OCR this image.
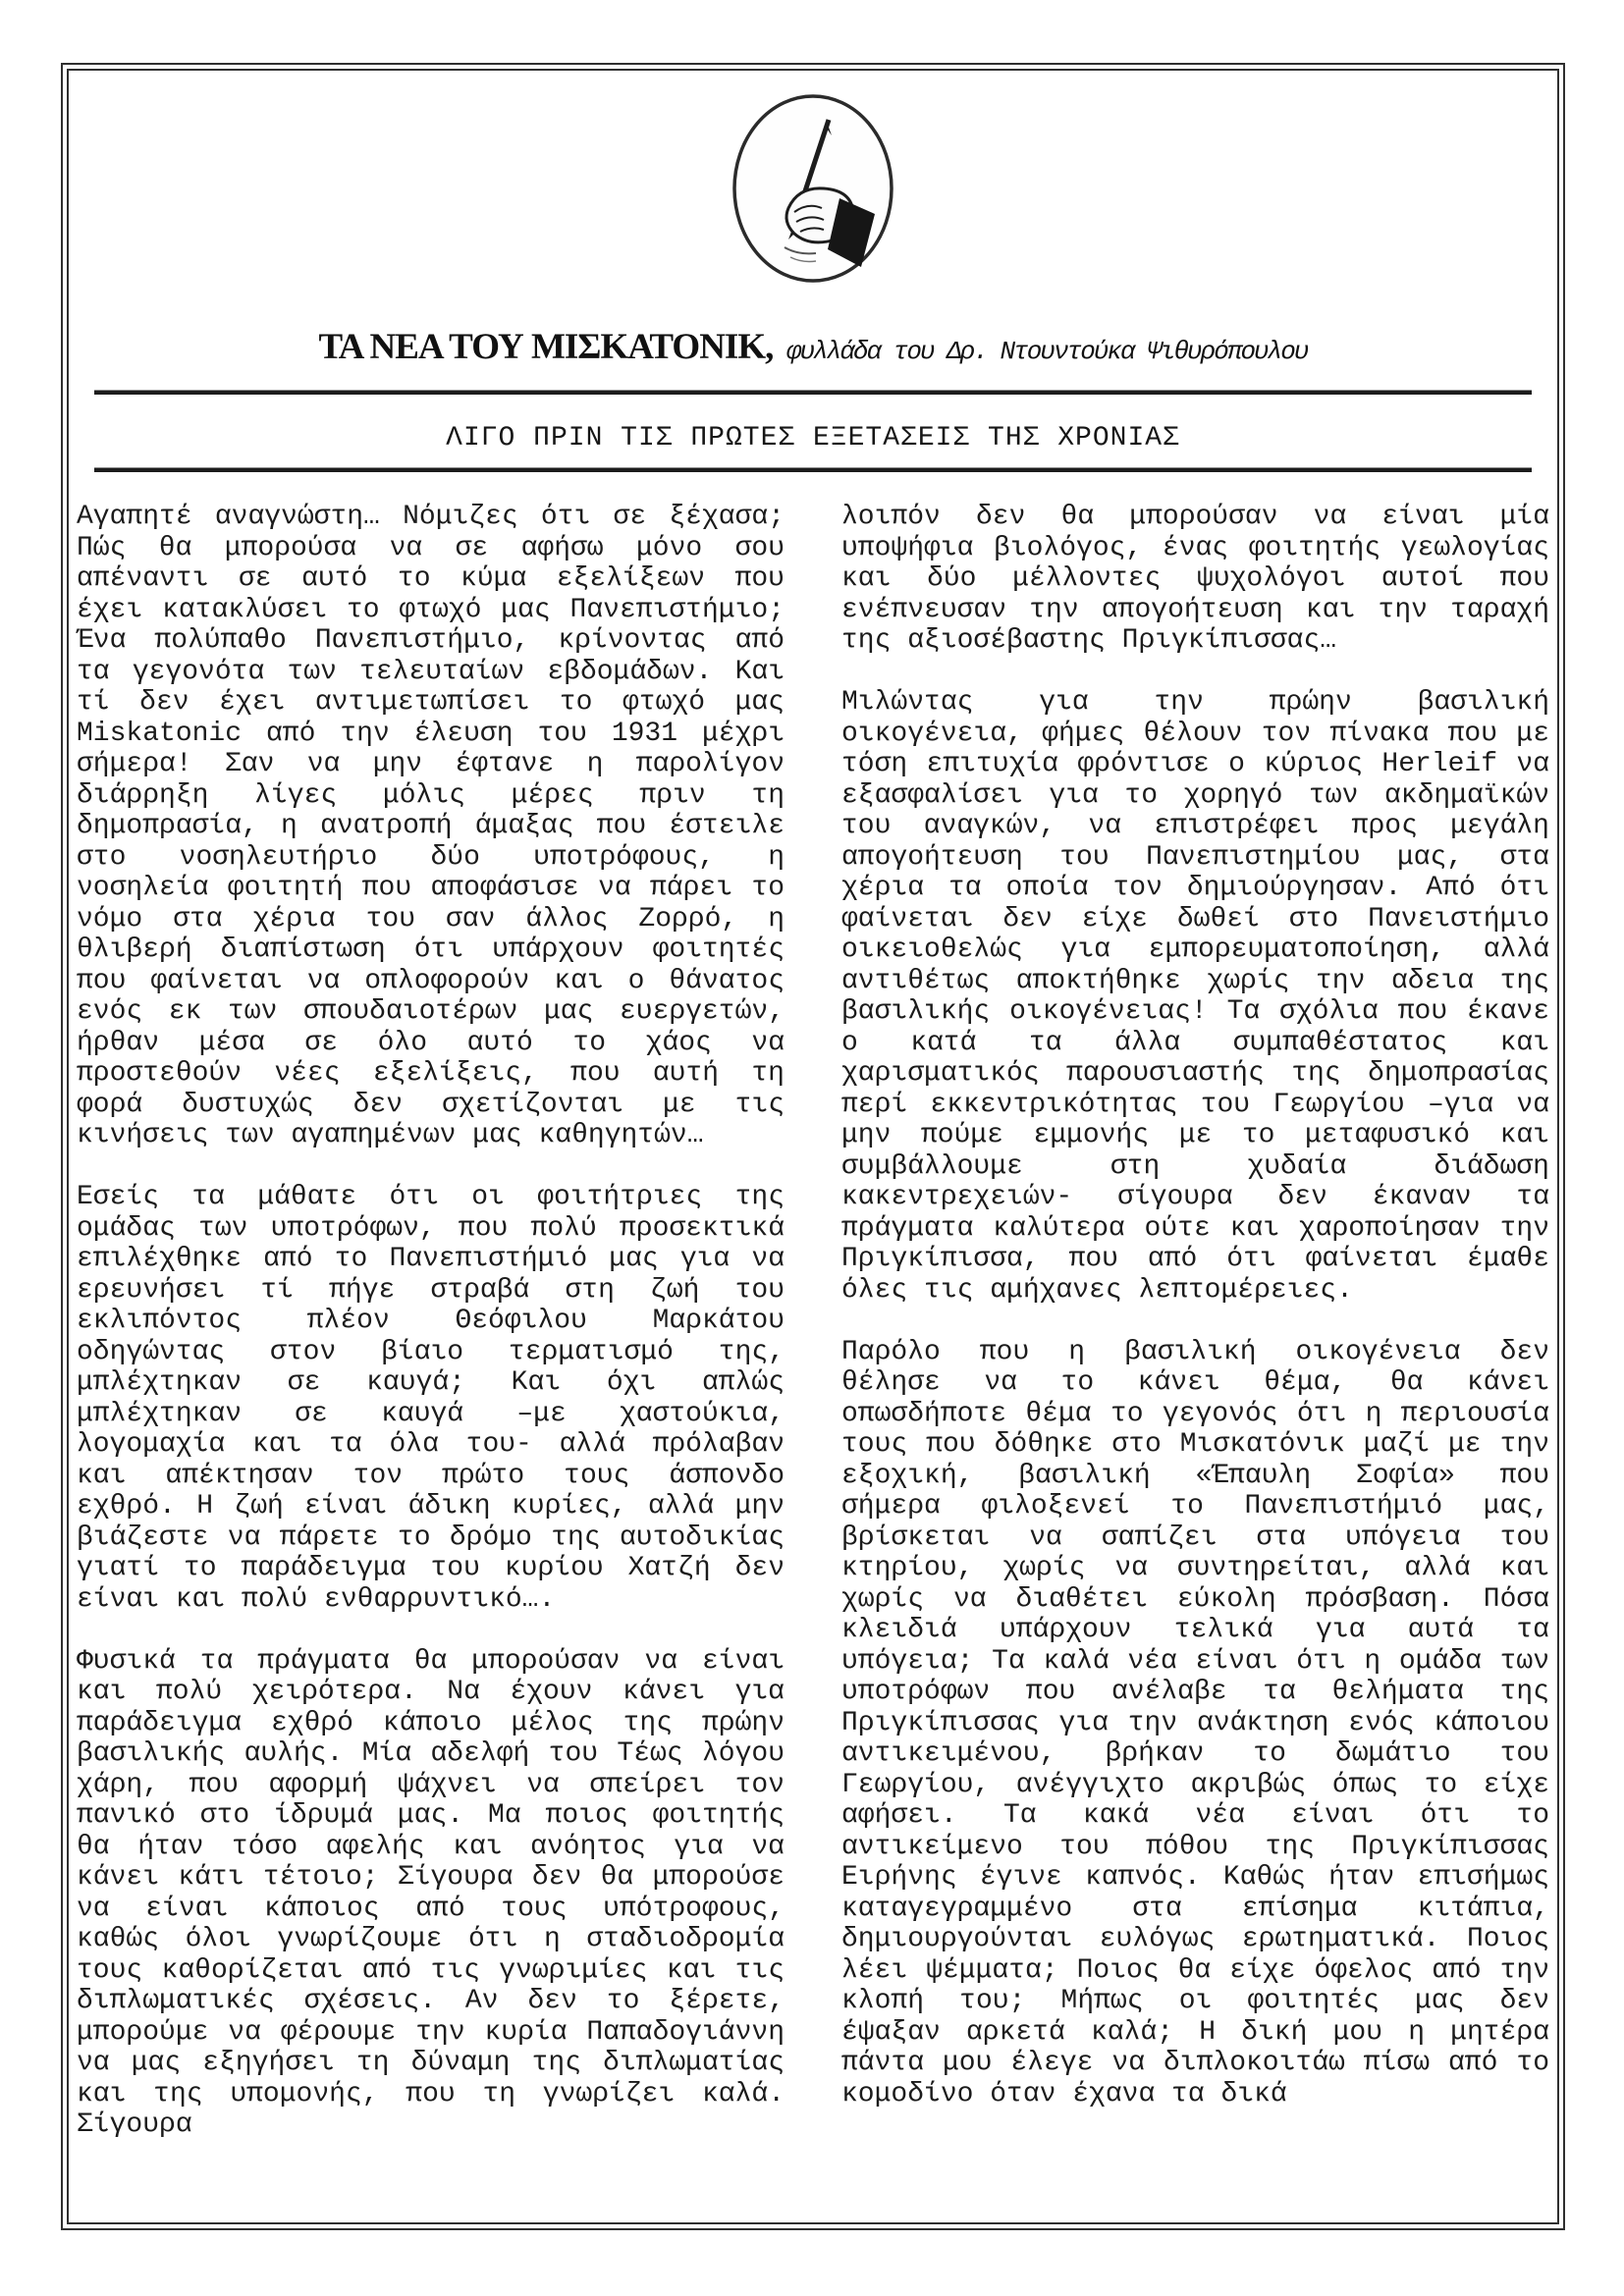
ΤΑ ΝΕΑ ΤΟΥ ΜΙΣΚΑΤΟΝΙΚ, φυλλάδα του Δρ. Ντουντούκα Ψιθυρόπουλου
ΛΙΓΟ ΠΡΙΝ ΤΙΣ ΠΡΩΤΕΣ ΕΞΕΤΑΣΕΙΣ ΤΗΣ ΧΡΟΝΙΑΣ

Αγαπητέ αναγνώστη… Νόμιζες ότι σε ξέχασα; Πώς θα μπορούσα να σε αφήσω μόνο σου απέναντι σε αυτό το κύμα εξελίξεων που έχει κατακλύσει το φτωχό μας Πανεπιστήμιο; Ένα πολύπαθο Πανεπιστήμιο, κρίνοντας από τα γεγονότα των τελευταίων εβδομάδων. Και τί δεν έχει αντιμετωπίσει το φτωχό μας Miskatonic από την έλευση του 1931 μέχρι σήμερα! Σαν να μην έφτανε η παρολίγον διάρρηξη λίγες μόλις μέρες πριν τη δημοπρασία, η ανατροπή άμαξας που έστειλε στο νοσηλευτήριο δύο υποτρόφους, η νοσηλεία φοιτητή που αποφάσισε να πάρει το νόμο στα χέρια του σαν άλλος Ζορρό, η θλιβερή διαπίστωση ότι υπάρχουν φοιτητές που φαίνεται να οπλοφορούν και ο θάνατος ενός εκ των σπουδαιοτέρων μας ευεργετών, ήρθαν μέσα σε όλο αυτό το χάος να προστεθούν νέες εξελίξεις, που αυτή τη φορά δυστυχώς δεν σχετίζονται με τις κινήσεις των αγαπημένων μας καθηγητών…

Εσείς τα μάθατε ότι οι φοιτήτριες της ομάδας των υποτρόφων, που πολύ προσεκτικά επιλέχθηκε από το Πανεπιστήμιό μας για να ερευνήσει τί πήγε στραβά στη ζωή του εκλιπόντος πλέον Θεόφιλου Μαρκάτου οδηγώντας στον βίαιο τερματισμό της, μπλέχτηκαν σε καυγά; Και όχι απλώς μπλέχτηκαν σε καυγά –με χαστούκια, λογομαχία και τα όλα του- αλλά πρόλαβαν και απέκτησαν τον πρώτο τους άσπονδο εχθρό. Η ζωή είναι άδικη κυρίες, αλλά μην βιάζεστε να πάρετε το δρόμο της αυτοδικίας γιατί το παράδειγμα του κυρίου Χατζή δεν είναι και πολύ ενθαρρυντικό….

Φυσικά τα πράγματα θα μπορούσαν να είναι και πολύ χειρότερα. Να έχουν κάνει για παράδειγμα εχθρό κάποιο μέλος της πρώην βασιλικής αυλής. Μία αδελφή του Τέως λόγου χάρη, που αφορμή ψάχνει να σπείρει τον πανικό στο ίδρυμά μας. Μα ποιος φοιτητής θα ήταν τόσο αφελής και ανόητος για να κάνει κάτι τέτοιο; Σίγουρα δεν θα μπορούσε να είναι κάποιος από τους υπότροφους, καθώς όλοι γνωρίζουμε ότι η σταδιοδρομία τους καθορίζεται από τις γνωριμίες και τις διπλωματικές σχέσεις. Αν δεν το ξέρετε, μπορούμε να φέρουμε την κυρία Παπαδογιάννη να μας εξηγήσει τη δύναμη της διπλωματίας και της υπομονής, που τη γνωρίζει καλά. Σίγουρα

λοιπόν δεν θα μπορούσαν να είναι μία υποψήφια βιολόγος, ένας φοιτητής γεωλογίας και δύο μέλλοντες ψυχολόγοι αυτοί που ενέπνευσαν την απογοήτευση και την ταραχή της αξιοσέβαστης Πριγκίπισσας…

Μιλώντας για την πρώην βασιλική οικογένεια, φήμες θέλουν τον πίνακα που με τόση επιτυχία φρόντισε ο κύριος Herleif να εξασφαλίσει για το χορηγό των ακδημαϊκών του αναγκών, να επιστρέφει προς μεγάλη απογοήτευση του Πανεπιστημίου μας, στα χέρια τα οποία τον δημιούργησαν. Από ότι φαίνεται δεν είχε δωθεί στο Πανειστήμιο οικειοθελώς για εμπορευματοποίηση, αλλά αντιθέτως αποκτήθηκε χωρίς την αδεια της βασιλικής οικογένειας! Τα σχόλια που έκανε ο κατά τα άλλα συμπαθέστατος και χαρισματικός παρουσιαστής της δημοπρασίας περί εκκεντρικότητας του Γεωργίου –για να μην πούμε εμμονής με το μεταφυσικό και συμβάλλουμε στη χυδαία διάδωση κακεντρεχειών- σίγουρα δεν έκαναν τα πράγματα καλύτερα ούτε και χαροποίησαν την Πριγκίπισσα, που από ότι φαίνεται έμαθε όλες τις αμήχανες λεπτομέρειες.

Παρόλο που η βασιλική οικογένεια δεν θέλησε να το κάνει θέμα, θα κάνει οπωσδήποτε θέμα το γεγονός ότι η περιουσία τους που δόθηκε στο Μισκατόνικ μαζί με την εξοχική, βασιλική «Έπαυλη Σοφία» που σήμερα φιλοξενεί το Πανεπιστήμιό μας, βρίσκεται να σαπίζει στα υπόγεια του κτηρίου, χωρίς να συντηρείται, αλλά και χωρίς να διαθέτει εύκολη πρόσβαση. Πόσα κλειδιά υπάρχουν τελικά για αυτά τα υπόγεια; Τα καλά νέα είναι ότι η ομάδα των υποτρόφων που ανέλαβε τα θελήματα της Πριγκίπισσας για την ανάκτηση ενός κάποιου αντικειμένου, βρήκαν το δωμάτιο του Γεωργίου, ανέγγιχτο ακριβώς όπως το είχε αφήσει. Τα κακά νέα είναι ότι το αντικείμενο του πόθου της Πριγκίπισσας Ειρήνης έγινε καπνός. Καθώς ήταν επισήμως καταγεγραμμένο στα επίσημα κιτάπια, δημιουργούνται ευλόγως ερωτηματικά. Ποιος λέει ψέμματα; Ποιος θα είχε όφελος από την κλοπή του; Μήπως οι φοιτητές μας δεν έψαξαν αρκετά καλά; Η δική μου η μητέρα πάντα μου έλεγε να διπλοκοιτάω πίσω από το κομοδίνο όταν έχανα τα δικά
